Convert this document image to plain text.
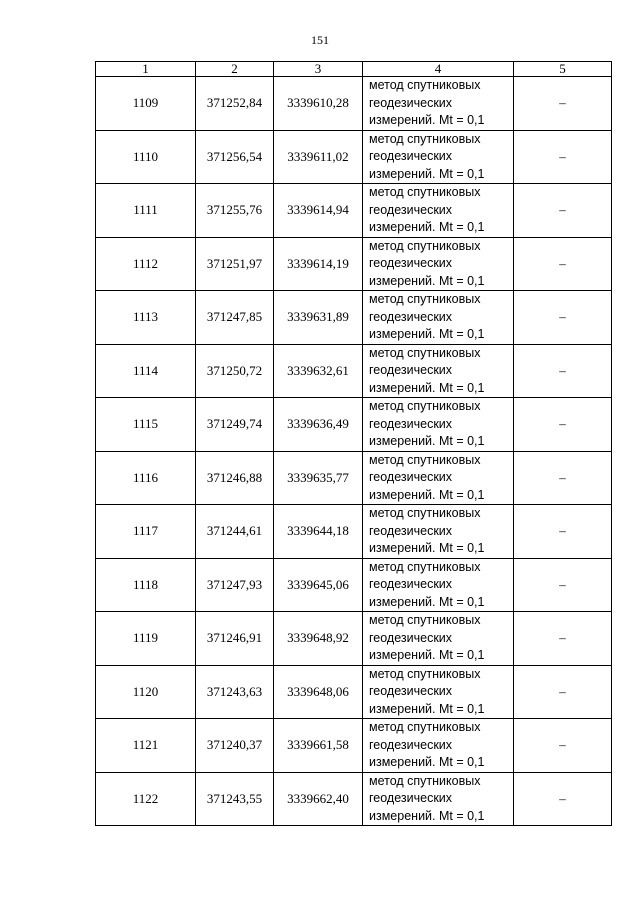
151
1	2	3	4	5
1109	371252,84	3339610,28	метод спутниковых
геодезических
измерений. Mt = 0,1	–
1110	371256,54	3339611,02	метод спутниковых
геодезических
измерений. Mt = 0,1	–
1111	371255,76	3339614,94	метод спутниковых
геодезических
измерений. Mt = 0,1	–
1112	371251,97	3339614,19	метод спутниковых
геодезических
измерений. Mt = 0,1	–
1113	371247,85	3339631,89	метод спутниковых
геодезических
измерений. Mt = 0,1	–
1114	371250,72	3339632,61	метод спутниковых
геодезических
измерений. Mt = 0,1	–
1115	371249,74	3339636,49	метод спутниковых
геодезических
измерений. Mt = 0,1	–
1116	371246,88	3339635,77	метод спутниковых
геодезических
измерений. Mt = 0,1	–
1117	371244,61	3339644,18	метод спутниковых
геодезических
измерений. Mt = 0,1	–
1118	371247,93	3339645,06	метод спутниковых
геодезических
измерений. Mt = 0,1	–
1119	371246,91	3339648,92	метод спутниковых
геодезических
измерений. Mt = 0,1	–
1120	371243,63	3339648,06	метод спутниковых
геодезических
измерений. Mt = 0,1	–
1121	371240,37	3339661,58	метод спутниковых
геодезических
измерений. Mt = 0,1	–
1122	371243,55	3339662,40	метод спутниковых
геодезических
измерений. Mt = 0,1	–
